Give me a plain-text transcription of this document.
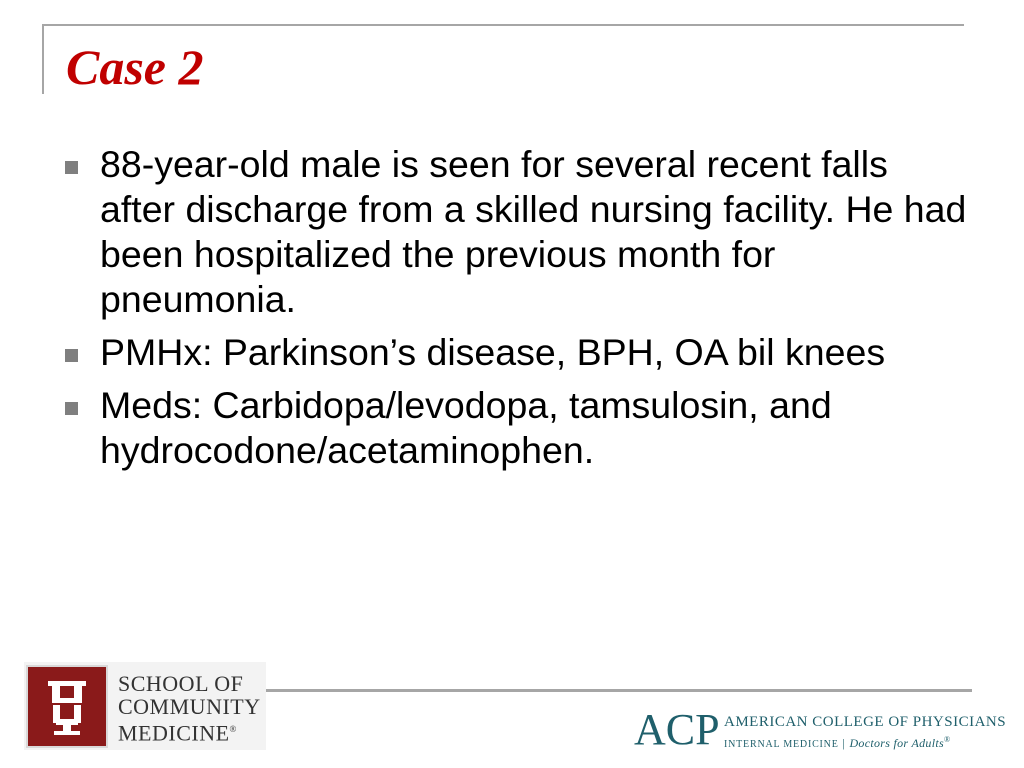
Case 2
88-year-old male is seen for several recent falls after discharge from a skilled nursing facility. He had been hospitalized the previous month for pneumonia.
PMHx: Parkinson’s disease, BPH, OA bil knees
Meds: Carbidopa/levodopa, tamsulosin, and hydrocodone/acetaminophen.
SCHOOL OF
COMMUNITY
MEDICINE®	ACP AMERICAN COLLEGE OF PHYSICIANS
INTERNAL MEDICINE | Doctors for Adults®
